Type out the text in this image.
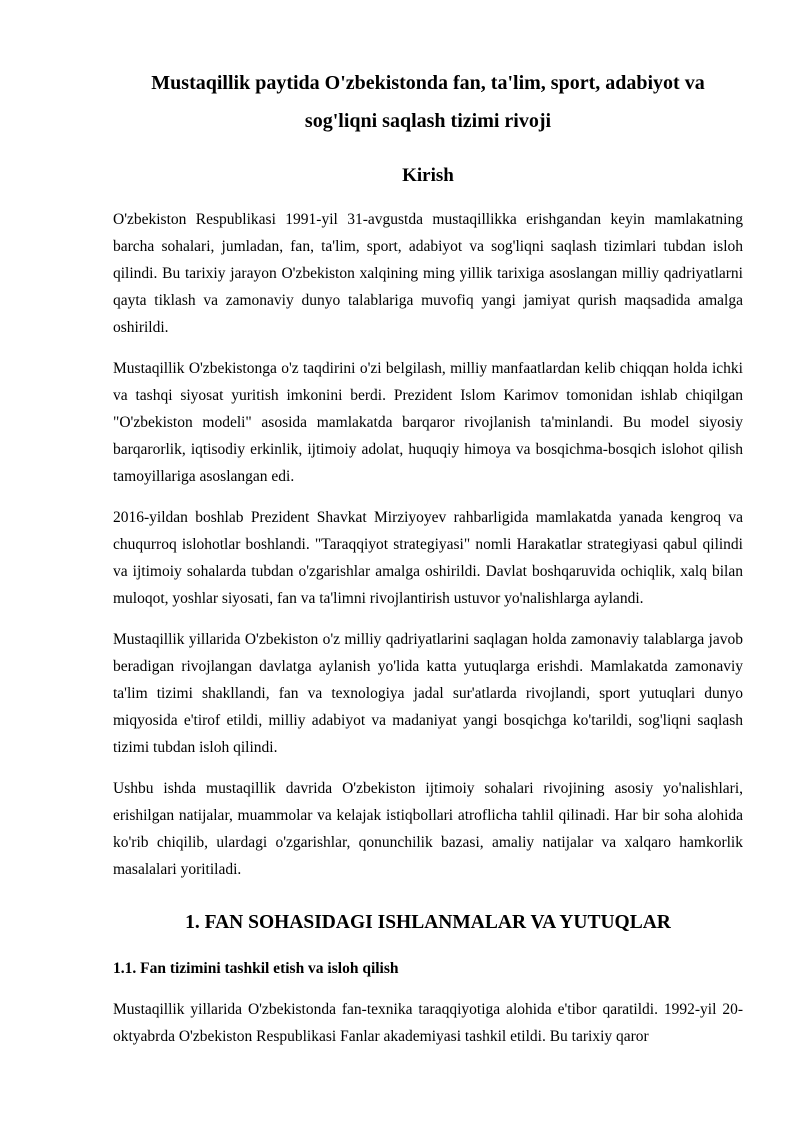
Mustaqillik paytida O'zbekistonda fan, ta'lim, sport, adabiyot va sog'liqni saqlash tizimi rivoji
Kirish

O'zbekiston Respublikasi 1991-yil 31-avgustda mustaqillikka erishgandan keyin mamlakatning barcha sohalari, jumladan, fan, ta'lim, sport, adabiyot va sog'liqni saqlash tizimlari tubdan isloh qilindi. Bu tarixiy jarayon O'zbekiston xalqining ming yillik tarixiga asoslangan milliy qadriyatlarni qayta tiklash va zamonaviy dunyo talablariga muvofiq yangi jamiyat qurish maqsadida amalga oshirildi.

Mustaqillik O'zbekistonga o'z taqdirini o'zi belgilash, milliy manfaatlardan kelib chiqqan holda ichki va tashqi siyosat yuritish imkonini berdi. Prezident Islom Karimov tomonidan ishlab chiqilgan "O'zbekiston modeli" asosida mamlakatda barqaror rivojlanish ta'minlandi. Bu model siyosiy barqarorlik, iqtisodiy erkinlik, ijtimoiy adolat, huquqiy himoya va bosqichma-bosqich islohot qilish tamoyillariga asoslangan edi.

2016-yildan boshlab Prezident Shavkat Mirziyoyev rahbarligida mamlakatda yanada kengroq va chuqurroq islohotlar boshlandi. "Taraqqiyot strategiyasi" nomli Harakatlar strategiyasi qabul qilindi va ijtimoiy sohalarda tubdan o'zgarishlar amalga oshirildi. Davlat boshqaruvida ochiqlik, xalq bilan muloqot, yoshlar siyosati, fan va ta'limni rivojlantirish ustuvor yo'nalishlarga aylandi.

Mustaqillik yillarida O'zbekiston o'z milliy qadriyatlarini saqlagan holda zamonaviy talablarga javob beradigan rivojlangan davlatga aylanish yo'lida katta yutuqlarga erishdi. Mamlakatda zamonaviy ta'lim tizimi shakllandi, fan va texnologiya jadal sur'atlarda rivojlandi, sport yutuqlari dunyo miqyosida e'tirof etildi, milliy adabiyot va madaniyat yangi bosqichga ko'tarildi, sog'liqni saqlash tizimi tubdan isloh qilindi.

Ushbu ishda mustaqillik davrida O'zbekiston ijtimoiy sohalari rivojining asosiy yo'nalishlari, erishilgan natijalar, muammolar va kelajak istiqbollari atroflicha tahlil qilinadi. Har bir soha alohida ko'rib chiqilib, ulardagi o'zgarishlar, qonunchilik bazasi, amaliy natijalar va xalqaro hamkorlik masalalari yoritiladi.

1. FAN SOHASIDAGI ISHLANMALAR VA YUTUQLAR
1.1. Fan tizimini tashkil etish va isloh qilish

Mustaqillik yillarida O'zbekistonda fan-texnika taraqqiyotiga alohida e'tibor qaratildi. 1992-yil 20-oktyabrda O'zbekiston Respublikasi Fanlar akademiyasi tashkil etildi. Bu tarixiy qaror
